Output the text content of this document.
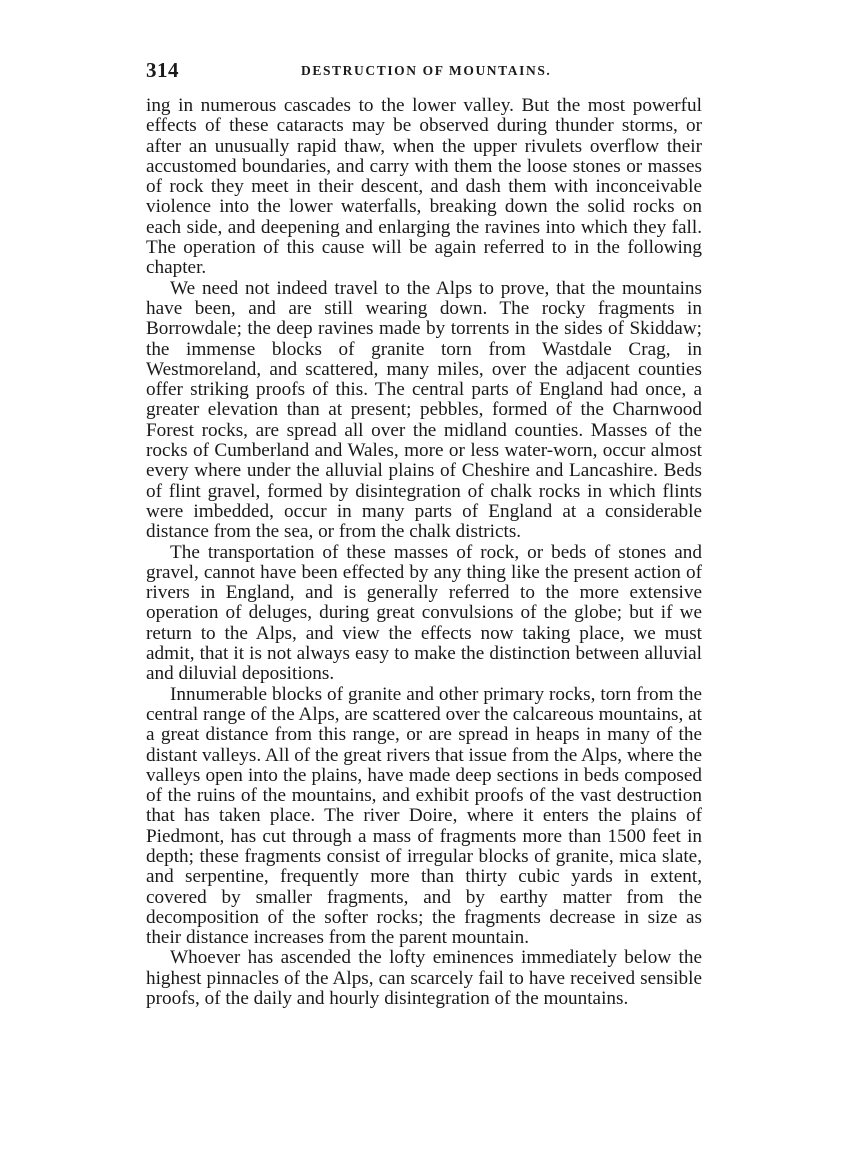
314	DESTRUCTION OF MOUNTAINS.

ing in numerous cascades to the lower valley. But the most powerful effects of these cataracts may be observed during thunder storms, or after an unusually rapid thaw, when the upper rivulets overflow their accustomed boundaries, and carry with them the loose stones or masses of rock they meet in their descent, and dash them with inconceivable violence into the lower waterfalls, breaking down the solid rocks on each side, and deepening and enlarging the ravines into which they fall. The operation of this cause will be again referred to in the following chapter.

We need not indeed travel to the Alps to prove, that the mountains have been, and are still wearing down. The rocky fragments in Borrowdale; the deep ravines made by torrents in the sides of Skiddaw; the immense blocks of granite torn from Wastdale Crag, in Westmoreland, and scattered, many miles, over the adjacent counties offer striking proofs of this. The central parts of England had once, a greater elevation than at present; pebbles, formed of the Charnwood Forest rocks, are spread all over the midland counties. Masses of the rocks of Cumberland and Wales, more or less water-worn, occur almost every where under the alluvial plains of Cheshire and Lancashire. Beds of flint gravel, formed by disintegration of chalk rocks in which flints were imbedded, occur in many parts of England at a considerable distance from the sea, or from the chalk districts.

The transportation of these masses of rock, or beds of stones and gravel, cannot have been effected by any thing like the present action of rivers in England, and is generally referred to the more extensive operation of deluges, during great convulsions of the globe; but if we return to the Alps, and view the effects now taking place, we must admit, that it is not always easy to make the distinction between alluvial and diluvial depositions.

Innumerable blocks of granite and other primary rocks, torn from the central range of the Alps, are scattered over the calcareous mountains, at a great distance from this range, or are spread in heaps in many of the distant valleys. All of the great rivers that issue from the Alps, where the valleys open into the plains, have made deep sections in beds composed of the ruins of the mountains, and exhibit proofs of the vast destruction that has taken place. The river Doire, where it enters the plains of Piedmont, has cut through a mass of fragments more than 1500 feet in depth; these fragments consist of irregular blocks of granite, mica slate, and serpentine, frequently more than thirty cubic yards in extent, covered by smaller fragments, and by earthy matter from the decomposition of the softer rocks; the fragments decrease in size as their distance increases from the parent mountain.

Whoever has ascended the lofty eminences immediately below the highest pinnacles of the Alps, can scarcely fail to have received sensible proofs, of the daily and hourly disintegration of the mountains.
